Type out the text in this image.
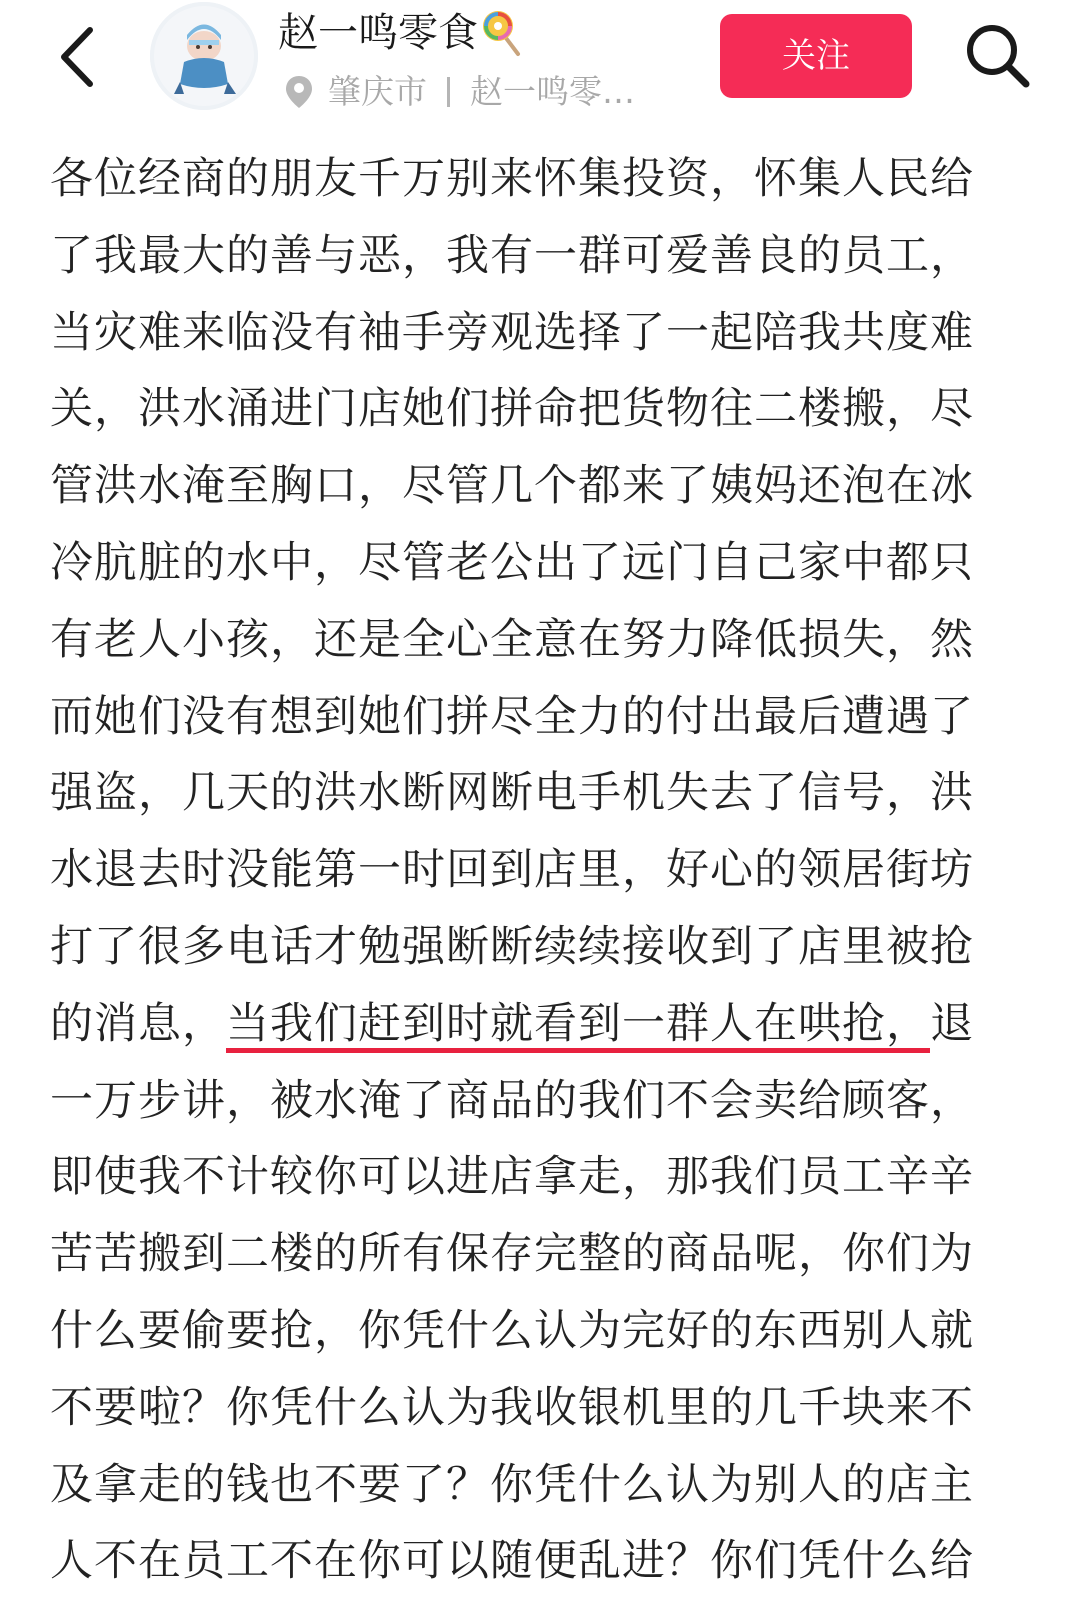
赵一鸣零食
肇庆市 赵一鸣零…
关注
各位经商的朋友千万别来怀集投资，怀集人民给
了我最大的善与恶，我有一群可爱善良的员工，
当灾难来临没有袖手旁观选择了一起陪我共度难
关，洪水涌进门店她们拼命把货物往二楼搬，尽
管洪水淹至胸口，尽管几个都来了姨妈还泡在冰
冷肮脏的水中，尽管老公出了远门自己家中都只
有老人小孩，还是全心全意在努力降低损失，然
而她们没有想到她们拼尽全力的付出最后遭遇了
强盗，几天的洪水断网断电手机失去了信号，洪
水退去时没能第一时回到店里，好心的领居街坊
打了很多电话才勉强断断续续接收到了店里被抢
的消息，当我们赶到时就看到一群人在哄抢，退
一万步讲，被水淹了商品的我们不会卖给顾客，
即使我不计较你可以进店拿走，那我们员工辛辛
苦苦搬到二楼的所有保存完整的商品呢，你们为
什么要偷要抢，你凭什么认为完好的东西别人就
不要啦？你凭什么认为我收银机里的几千块来不
及拿走的钱也不要了？你凭什么认为别人的店主
人不在员工不在你可以随便乱进？你们凭什么给
